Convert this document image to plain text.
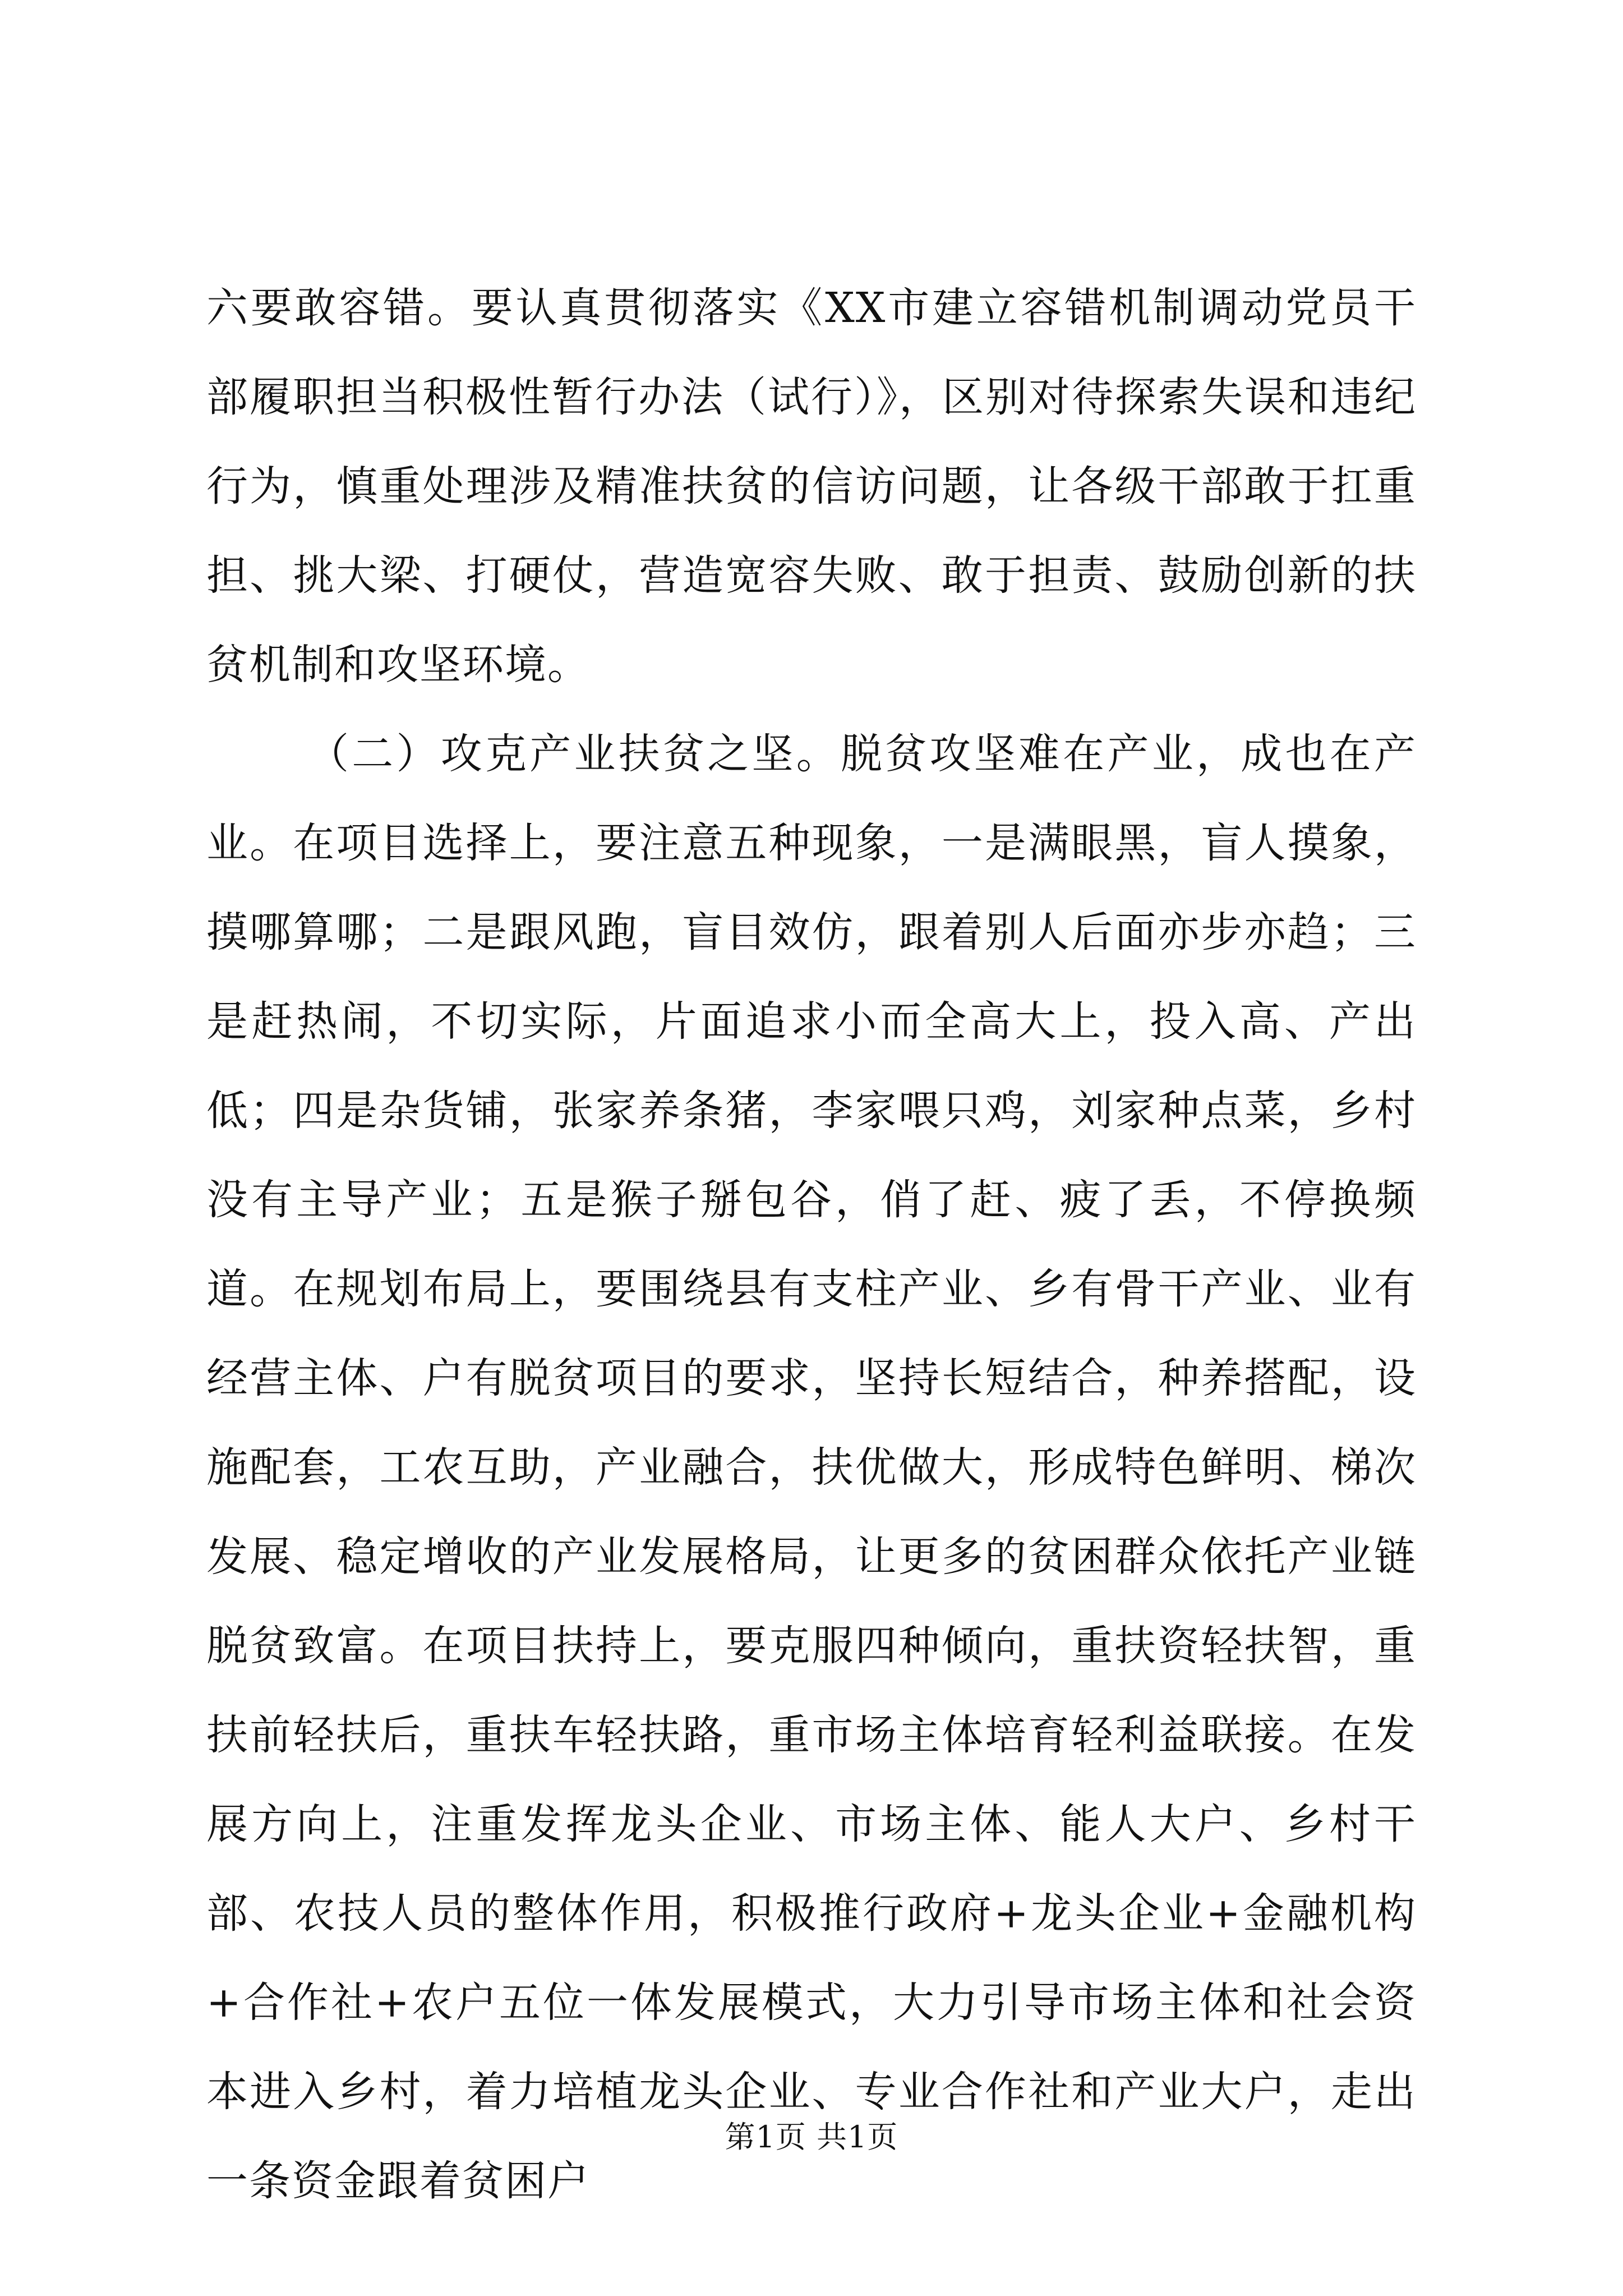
六要敢容错。要认真贯彻落实《XX市建立容错机制调动党员干部履职担当积极性暂行办法（试行）》，区别对待探索失误和违纪行为，慎重处理涉及精准扶贫的信访问题，让各级干部敢于扛重担、挑大梁、打硬仗，营造宽容失败、敢于担责、鼓励创新的扶贫机制和攻坚环境。

（二）攻克产业扶贫之坚。脱贫攻坚难在产业，成也在产业。在项目选择上，要注意五种现象，一是满眼黑，盲人摸象，摸哪算哪；二是跟风跑，盲目效仿，跟着别人后面亦步亦趋；三是赶热闹，不切实际，片面追求小而全高大上，投入高、产出低；四是杂货铺，张家养条猪，李家喂只鸡，刘家种点菜，乡村没有主导产业；五是猴子掰包谷，俏了赶、疲了丢，不停换频道。在规划布局上，要围绕县有支柱产业、乡有骨干产业、业有经营主体、户有脱贫项目的要求，坚持长短结合，种养搭配，设施配套，工农互助，产业融合，扶优做大，形成特色鲜明、梯次发展、稳定增收的产业发展格局，让更多的贫困群众依托产业链脱贫致富。在项目扶持上，要克服四种倾向，重扶资轻扶智，重扶前轻扶后，重扶车轻扶路，重市场主体培育轻利益联接。在发展方向上，注重发挥龙头企业、市场主体、能人大户、乡村干部、农技人员的整体作用，积极推行政府+龙头企业+金融机构+合作社+农户五位一体发展模式，大力引导市场主体和社会资本进入乡村，着力培植龙头企业、专业合作社和产业大户，走出一条资金跟着贫困户

第1页 共1页
